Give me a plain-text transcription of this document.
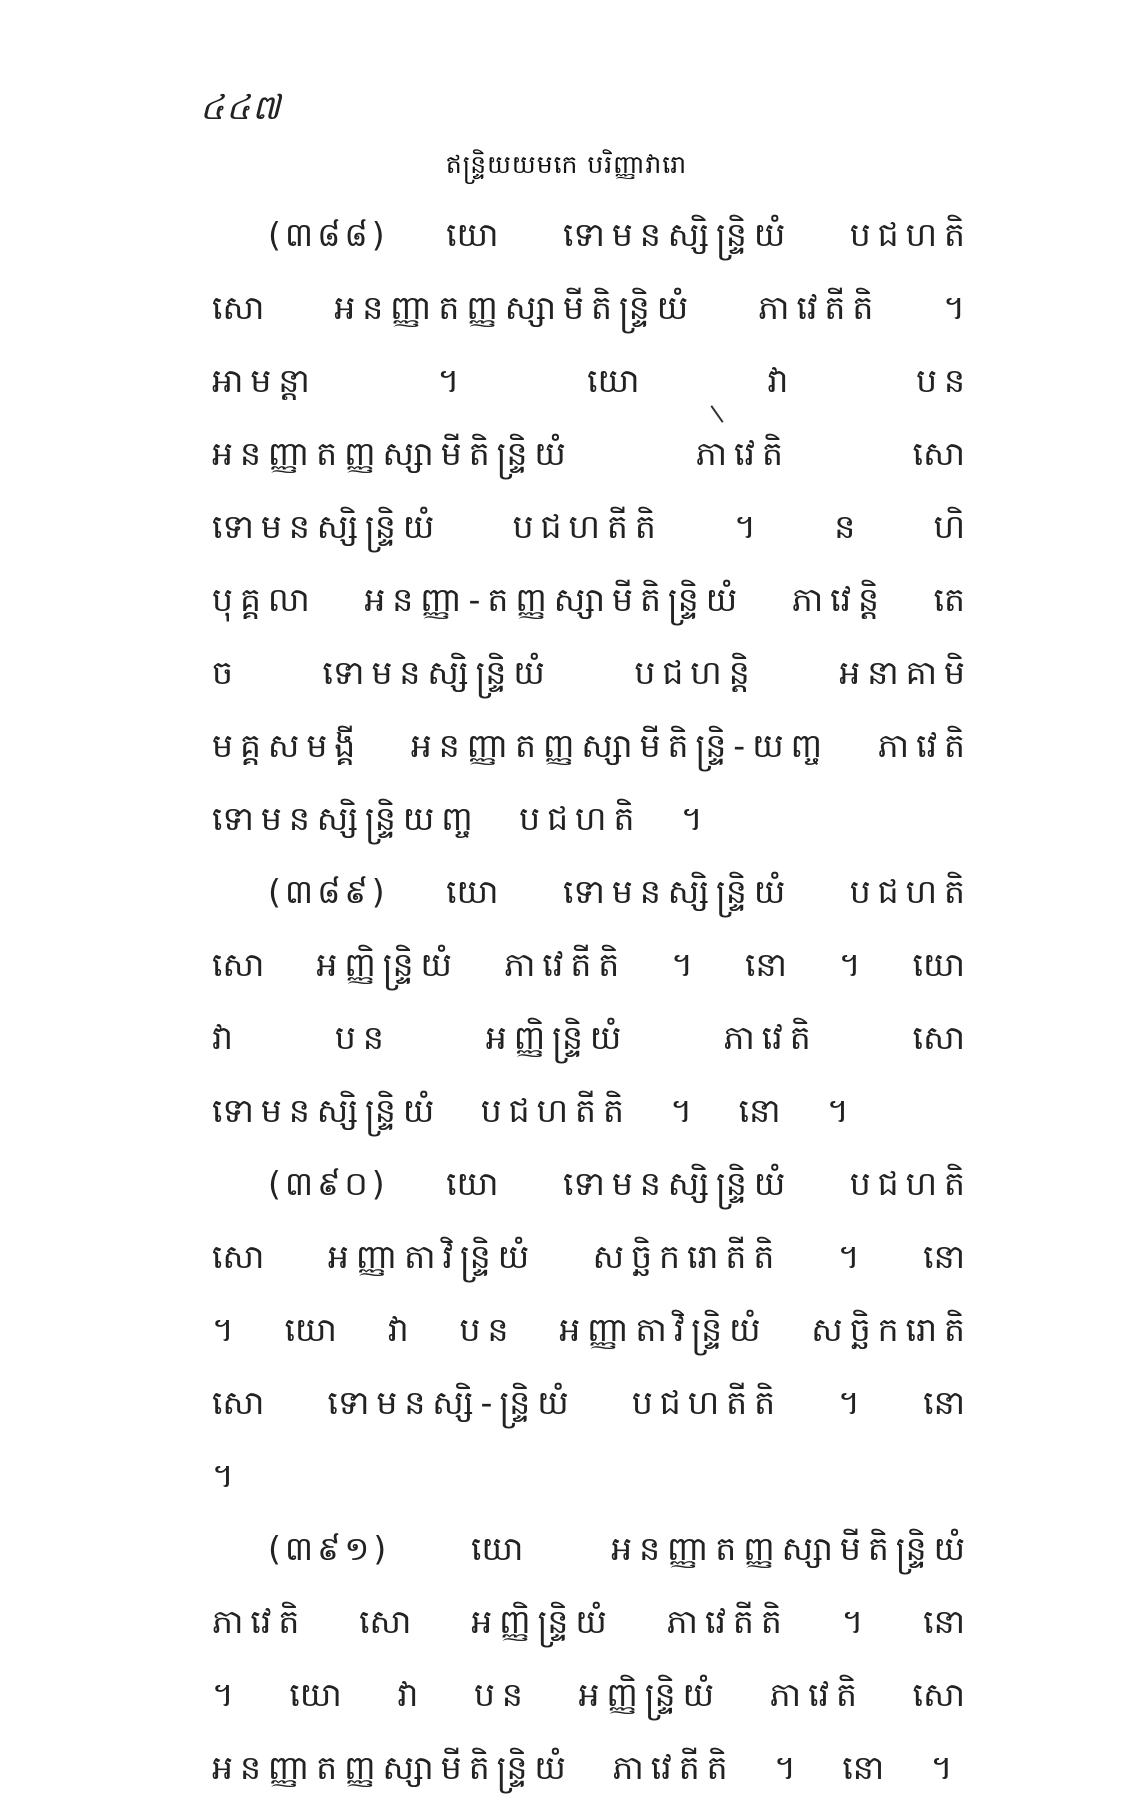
៤៤៧
ឥន្ទ្រិយយមកេ បរិញ្ញាវារោ

(៣៨៨) យោ ទោមនស្សិន្ទ្រិយំ បជហតិ សោ អនញ្ញាតញ្ញស្សាមីតិន្ទ្រិយំ ភាវេតីតិ ។ អាមន្តា ។ យោ វា បន អនញ្ញាតញ្ញស្សាមីតិន្ទ្រិយំ ភាវេតិ សោ ទោមនស្សិន្ទ្រិយំ បជហតីតិ ។ ន ហិ បុគ្គលា អនញ្ញា-តញ្ញស្សាមីតិន្ទ្រិយំ ភាវេន្តិ តេ ច ទោមនស្សិន្ទ្រិយំ បជហន្តិ អនាគាមិមគ្គសមង្គី អនញ្ញាតញ្ញស្សាមីតិន្ទ្រិ-យញ្ច ភាវេតិ ទោមនស្សិន្ទ្រិយញ្ច បជហតិ ។

(៣៨៩) យោ ទោមនស្សិន្ទ្រិយំ បជហតិ សោ អញ្ញិន្ទ្រិយំ ភាវេតីតិ ។ នោ ។ យោ វា បន អញ្ញិន្ទ្រិយំ ភាវេតិ សោ ទោមនស្សិន្ទ្រិយំ បជហតីតិ ។ នោ ។

(៣៩០) យោ ទោមនស្សិន្ទ្រិយំ បជហតិ សោ អញ្ញាតាវិន្ទ្រិយំ សច្ឆិករោតីតិ ។ នោ ។ យោ វា បន អញ្ញាតាវិន្ទ្រិយំ សច្ឆិករោតិ សោ ទោមនស្សិ-ន្ទ្រិយំ បជហតីតិ ។ នោ ។

(៣៩១) យោ អនញ្ញាតញ្ញស្សាមីតិន្ទ្រិយំ ភាវេតិ សោ អញ្ញិន្ទ្រិយំ ភាវេតីតិ ។ នោ ។ យោ វា បន អញ្ញិន្ទ្រិយំ ភាវេតិ សោ អនញ្ញាតញ្ញស្សាមីតិន្ទ្រិយំ ភាវេតីតិ ។ នោ ។
